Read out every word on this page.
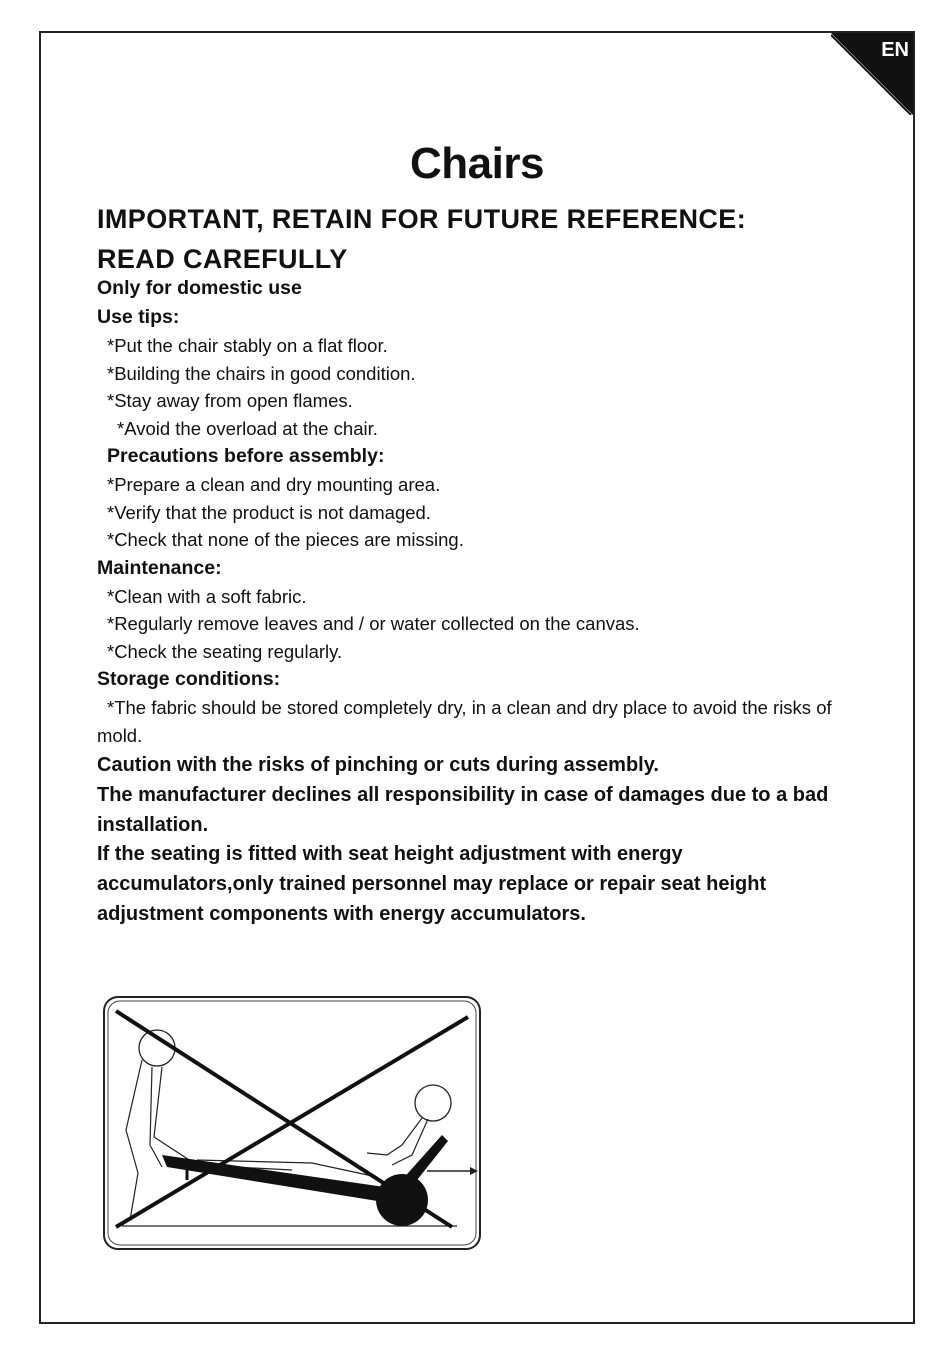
EN
Chairs
IMPORTANT, RETAIN FOR FUTURE REFERENCE:
READ CAREFULLY
Only for domestic use
Use tips:
*Put the chair stably on a flat floor.
*Building the chairs in good condition.
*Stay away from open flames.
*Avoid the overload at the chair.
Precautions before assembly:
*Prepare a clean and dry mounting area.
*Verify that the product is not damaged.
*Check that none of the pieces are missing.
Maintenance:
*Clean with a soft fabric.
*Regularly remove leaves and / or water collected on the canvas.
*Check the seating regularly.
Storage conditions:
*The fabric should be stored completely dry, in a clean and dry place to avoid the risks of mold.
Caution with the risks of pinching or cuts during assembly.
The manufacturer declines all responsibility in case of damages due to a bad installation.
If the seating is fitted with seat height adjustment with energy accumulators,only trained personnel may replace or repair seat height adjustment components with energy accumulators.
